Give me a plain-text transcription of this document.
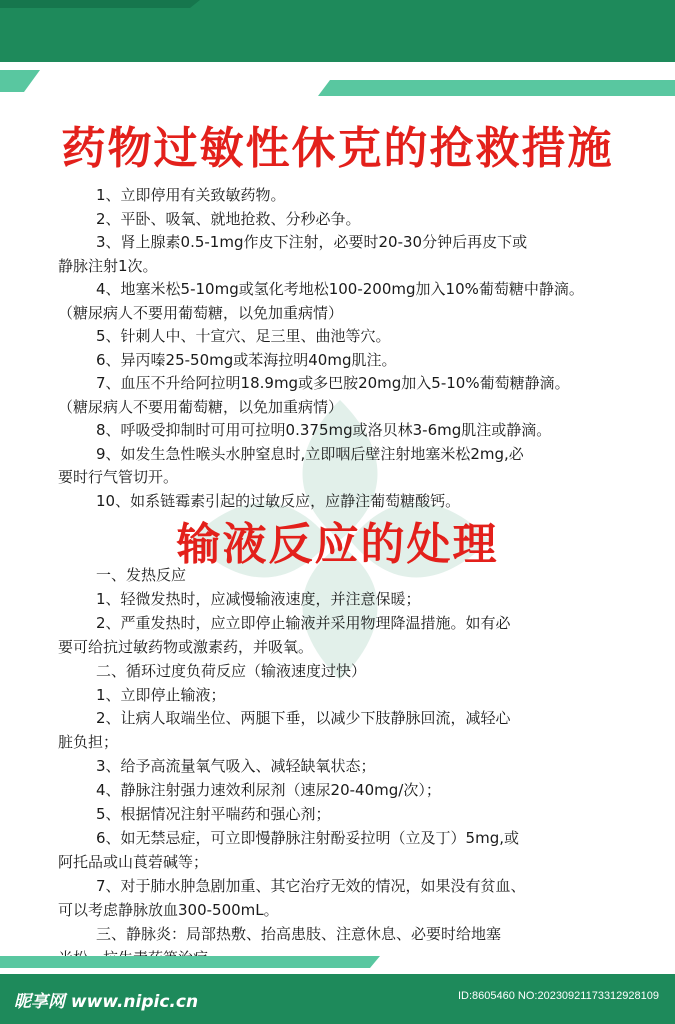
药物过敏性休克的抢救措施
1、立即停用有关致敏药物。
2、平卧、吸氧、就地抢救、分秒必争。
3、肾上腺素0.5-1mg作皮下注射，必要时20-30分钟后再皮下或
静脉注射1次。
4、地塞米松5-10mg或氢化考地松100-200mg加入10%葡萄糖中静滴。
（糖尿病人不要用葡萄糖，以免加重病情）
5、针刺人中、十宣穴、足三里、曲池等穴。
6、异丙嗪25-50mg或苯海拉明40mg肌注。
7、血压不升给阿拉明18.9mg或多巴胺20mg加入5-10%葡萄糖静滴。
（糖尿病人不要用葡萄糖，以免加重病情）
8、呼吸受抑制时可用可拉明0.375mg或洛贝林3-6mg肌注或静滴。
9、如发生急性喉头水肿窒息时,立即咽后壁注射地塞米松2mg,必
要时行气管切开。
10、如系链霉素引起的过敏反应，应静注葡萄糖酸钙。
输液反应的处理
一、发热反应
1、轻微发热时，应减慢输液速度，并注意保暖；
2、严重发热时，应立即停止输液并采用物理降温措施。如有必
要可给抗过敏药物或激素药，并吸氧。
二、循环过度负荷反应（输液速度过快）
1、立即停止输液；
2、让病人取端坐位、两腿下垂，以减少下肢静脉回流，减轻心
脏负担；
3、给予高流量氧气吸入、减轻缺氧状态；
4、静脉注射强力速效利尿剂（速尿20-40mg/次）；
5、根据情况注射平喘药和强心剂；
6、如无禁忌症，可立即慢静脉注射酚妥拉明（立及丁）5mg,或
阿托品或山莨菪碱等；
7、对于肺水肿急剧加重、其它治疗无效的情况，如果没有贫血、
可以考虑静脉放血300-500mL。
三、静脉炎：局部热敷、抬高患肢、注意休息、必要时给地塞
昵享网 www.nipic.cn	ID:8605460 NO:20230921173312928109
